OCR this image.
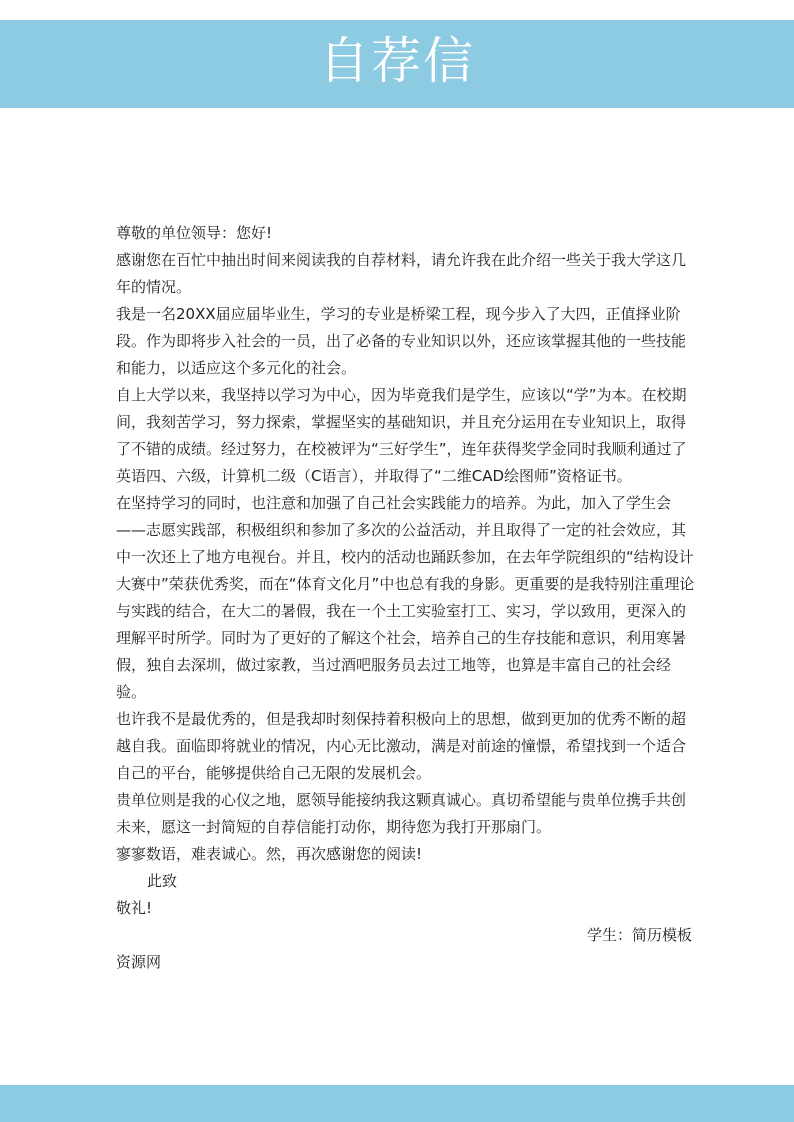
自荐信

尊敬的单位领导：您好!

感谢您在百忙中抽出时间来阅读我的自荐材料，请允许我在此介绍一些关于我大学这几年的情况。

我是一名20XX届应届毕业生，学习的专业是桥梁工程，现今步入了大四，正值择业阶段。作为即将步入社会的一员，出了必备的专业知识以外，还应该掌握其他的一些技能和能力，以适应这个多元化的社会。

自上大学以来，我坚持以学习为中心，因为毕竟我们是学生，应该以“学”为本。在校期间，我刻苦学习，努力探索，掌握坚实的基础知识，并且充分运用在专业知识上，取得了不错的成绩。经过努力，在校被评为“三好学生”，连年获得奖学金同时我顺利通过了英语四、六级，计算机二级（C语言），并取得了“二维CAD绘图师”资格证书。

在坚持学习的同时，也注意和加强了自己社会实践能力的培养。为此，加入了学生会——志愿实践部，积极组织和参加了多次的公益活动，并且取得了一定的社会效应，其中一次还上了地方电视台。并且，校内的活动也踊跃参加，在去年学院组织的“结构设计大赛中”荣获优秀奖，而在“体育文化月”中也总有我的身影。更重要的是我特别注重理论与实践的结合，在大二的暑假，我在一个土工实验室打工、实习，学以致用，更深入的理解平时所学。同时为了更好的了解这个社会，培养自己的生存技能和意识，利用寒暑假，独自去深圳，做过家教，当过酒吧服务员去过工地等，也算是丰富自己的社会经验。

也许我不是最优秀的，但是我却时刻保持着积极向上的思想，做到更加的优秀不断的超越自我。面临即将就业的情况，内心无比激动，满是对前途的憧憬，希望找到一个适合自己的平台，能够提供给自己无限的发展机会。

贵单位则是我的心仪之地，愿领导能接纳我这颗真诚心。真切希望能与贵单位携手共创未来，愿这一封简短的自荐信能打动你，期待您为我打开那扇门。

寥寥数语，难表诚心。然，再次感谢您的阅读!

此致

敬礼!

学生：简历模板

资源网
